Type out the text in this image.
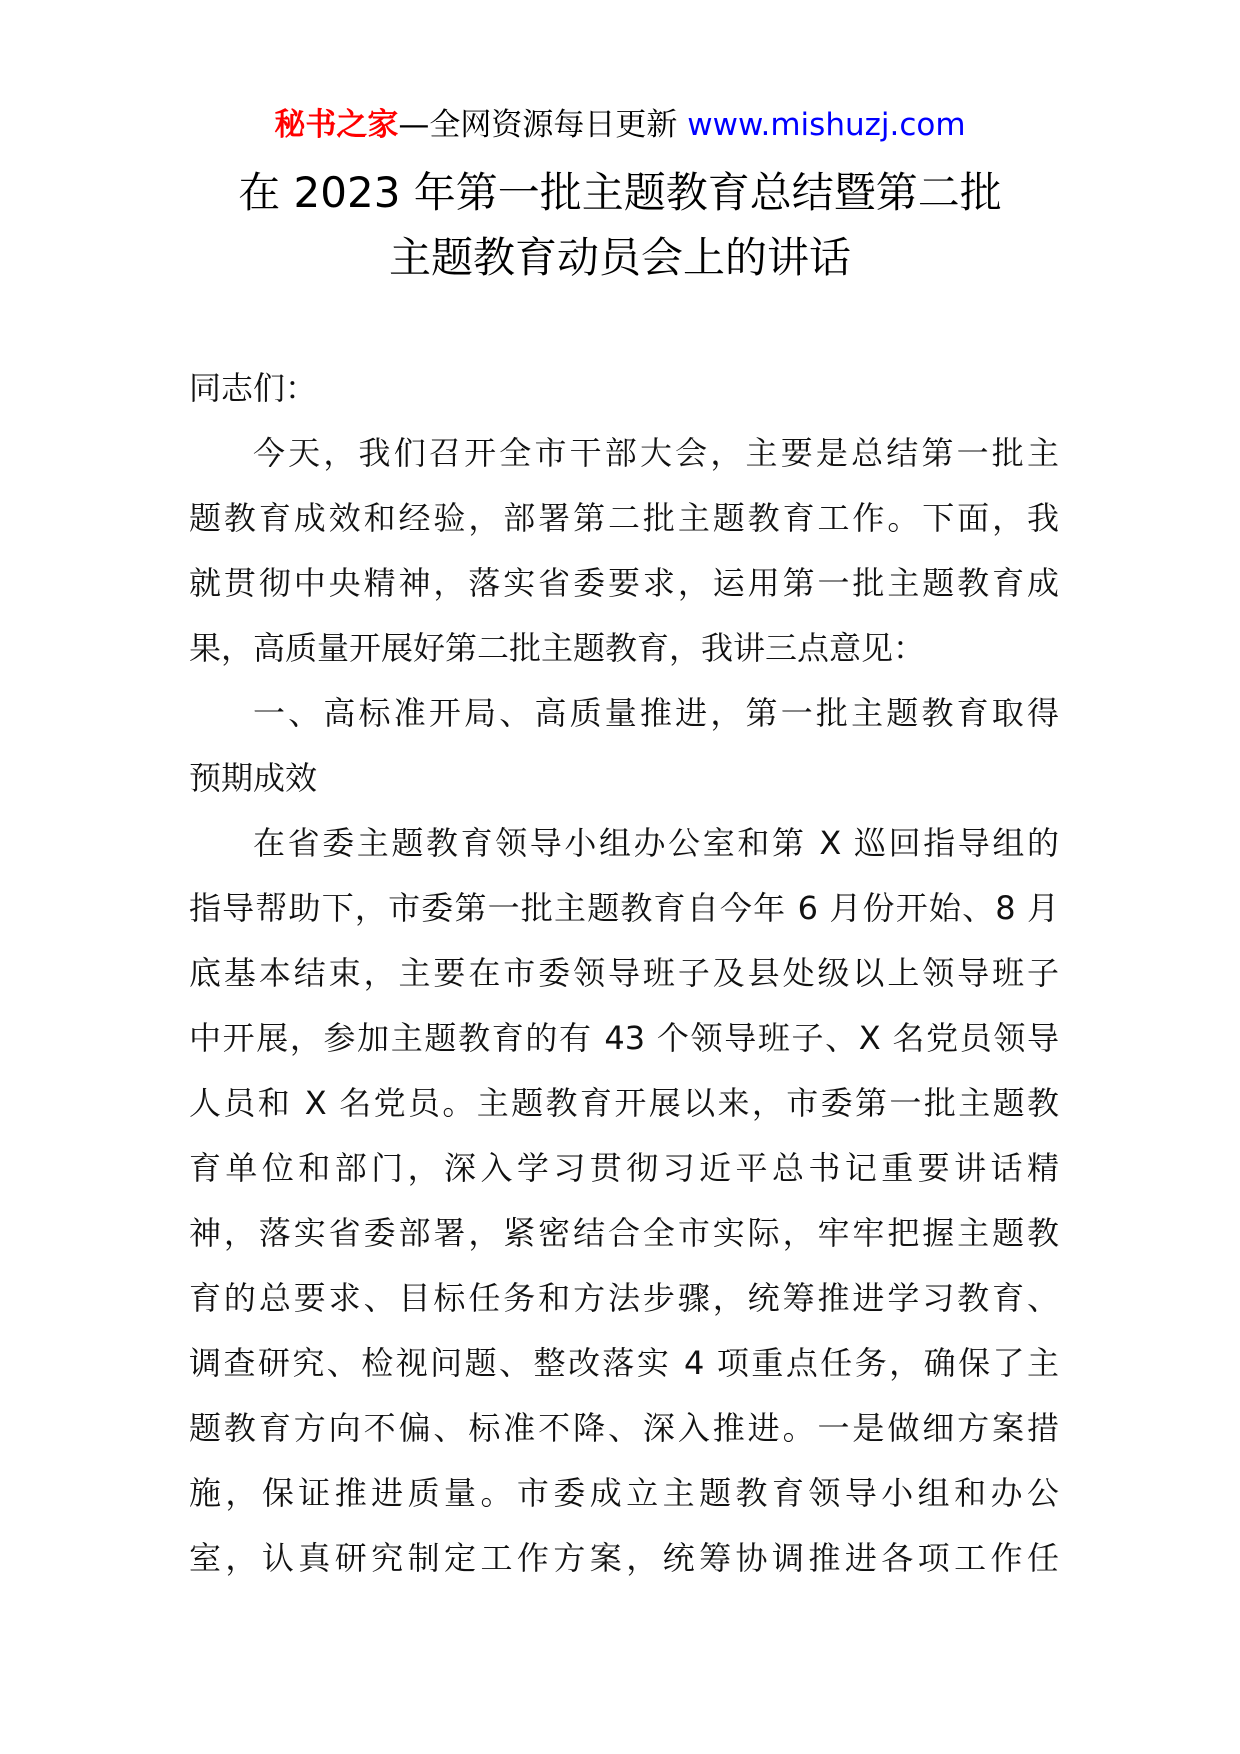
秘书之家—全网资源每日更新 www.mishuzj.com
在 2023 年第一批主题教育总结暨第二批
主题教育动员会上的讲话
同志们：
今天，我们召开全市干部大会，主要是总结第一批主
题教育成效和经验，部署第二批主题教育工作。下面，我
就贯彻中央精神，落实省委要求，运用第一批主题教育成
果，高质量开展好第二批主题教育，我讲三点意见：
一、高标准开局、高质量推进，第一批主题教育取得
预期成效
在省委主题教育领导小组办公室和第 X 巡回指导组的
指导帮助下，市委第一批主题教育自今年 6 月份开始、8 月
底基本结束，主要在市委领导班子及县处级以上领导班子
中开展，参加主题教育的有 43 个领导班子、X 名党员领导
人员和 X 名党员。主题教育开展以来，市委第一批主题教
育单位和部门，深入学习贯彻习近平总书记重要讲话精
神，落实省委部署，紧密结合全市实际，牢牢把握主题教
育的总要求、目标任务和方法步骤，统筹推进学习教育、
调查研究、检视问题、整改落实 4 项重点任务，确保了主
题教育方向不偏、标准不降、深入推进。一是做细方案措
施，保证推进质量。市委成立主题教育领导小组和办公
室，认真研究制定工作方案，统筹协调推进各项工作任
